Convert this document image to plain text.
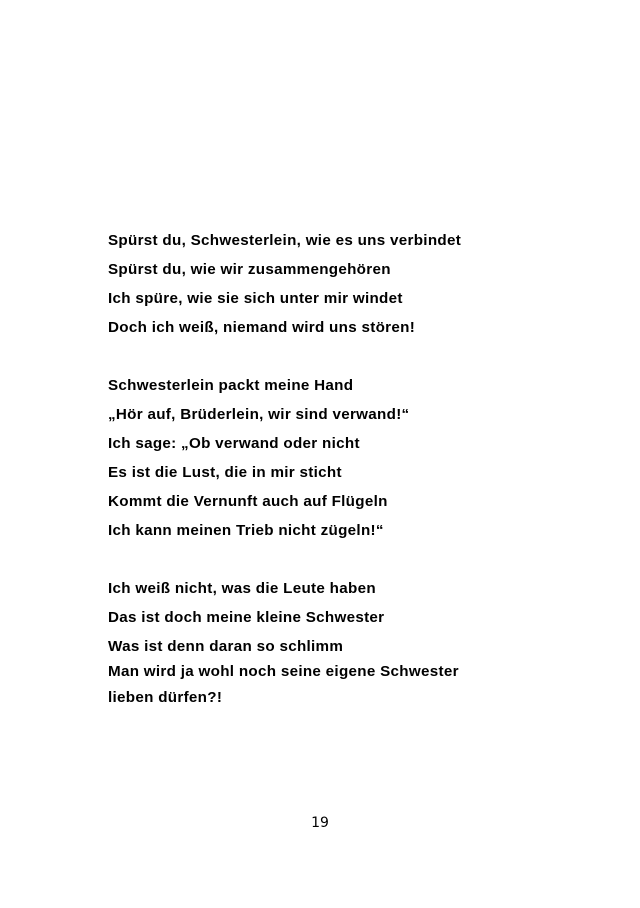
Spürst du, Schwesterlein, wie es uns verbindet
Spürst du, wie wir zusammengehören
Ich spüre, wie sie sich unter mir windet
Doch ich weiß, niemand wird uns stören!
Schwesterlein packt meine Hand
„Hör auf, Brüderlein, wir sind verwand!“
Ich sage: „Ob verwand oder nicht
Es ist die Lust, die in mir sticht
Kommt die Vernunft auch auf Flügeln
Ich kann meinen Trieb nicht zügeln!“
Ich weiß nicht, was die Leute haben
Das ist doch meine kleine Schwester
Was ist denn daran so schlimm
Man wird ja wohl noch seine eigene Schwester
lieben dürfen?!
19
